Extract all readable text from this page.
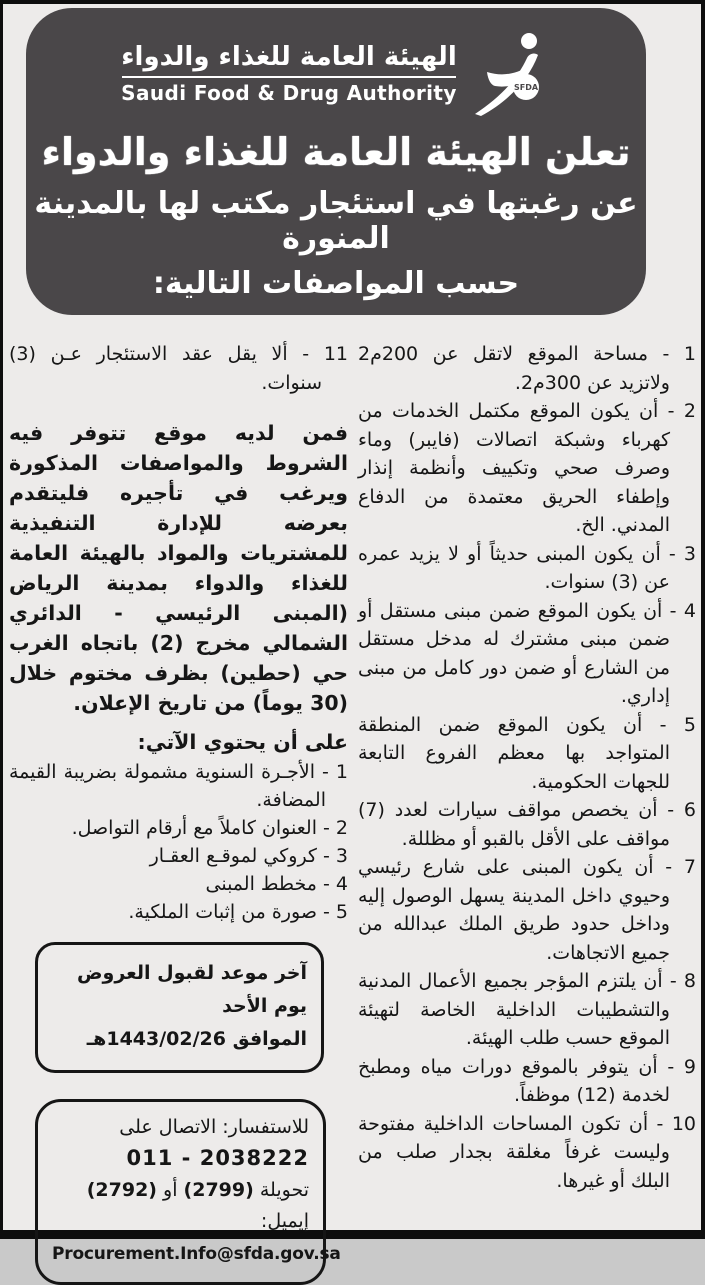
الهيئة العامة للغذاء والدواء
Saudi Food & Drug Authority	SFDA
تعلن الهيئة العامة للغذاء والدواء
عن رغبتها في استئجار مكتب لها بالمدينة المنورة
حسب المواصفات التالية:
1 - مساحة الموقع لاتقل عن 200م2 ولاتزيد عن 300م2.
2 - أن يكون الموقع مكتمل الخدمات من كهرباء وشبكة اتصالات (فايبر) وماء وصرف صحي وتكييف وأنظمة إنذار وإطفاء الحريق معتمدة من الدفاع المدني. الخ.
3 - أن يكون المبنى حديثاً أو لا يزيد عمره عن (3) سنوات.
4 - أن يكون الموقع ضمن مبنى مستقل أو ضمن مبنى مشترك له مدخل مستقل من الشارع أو ضمن دور كامل من مبنى إداري.
5 - أن يكون الموقع ضمن المنطقة المتواجد بها معظم الفروع التابعة للجهات الحكومية.
6 - أن يخصص مواقف سيارات لعدد (7) مواقف على الأقل بالقبو أو مظللة.
7 - أن يكون المبنى على شارع رئيسي وحيوي داخل المدينة يسهل الوصول إليه وداخل حدود طريق الملك عبدالله من جميع الاتجاهات.
8 - أن يلتزم المؤجر بجميع الأعمال المدنية والتشطيبات الداخلية الخاصة لتهيئة الموقع حسب طلب الهيئة.
9 - أن يتوفر بالموقع دورات مياه ومطبخ لخدمة (12) موظفاً.
10 - أن تكون المساحات الداخلية مفتوحة وليست غرفاً مغلقة بجدار صلب من البلك أو غيرها.
11 - ألا يقل عقد الاستئجار عـن (3) سنوات.
فمن لديه موقع تتوفر فيه الشروط والمواصفات المذكورة ويرغب في تأجيره فليتقدم بعرضه للإدارة التنفيذية للمشتريات والمواد بالهيئة العامة للغذاء والدواء بمدينة الرياض (المبنى الرئيسي - الدائري الشمالي مخرج (2) باتجاه الغرب حي (حطين) بظرف مختوم خلال (30 يوماً) من تاريخ الإعلان.
على أن يحتوي الآتي:
1 - الأجـرة السنوية مشمولة بضريبة القيمة المضافة.
2 - العنوان كاملاً مع أرقام التواصل.
3 - كروكي لموقـع العقـار
4 - مخطط المبنى
5 - صورة من إثبات الملكية.
آخر موعد لقبول العروض يوم الأحد
الموافق 1443/02/26هـ
للاستفسار: الاتصال على
011 - 2038222
تحويلة (2799) أو (2792)
إيميل:
Procurement.Info@sfda.gov.sa
